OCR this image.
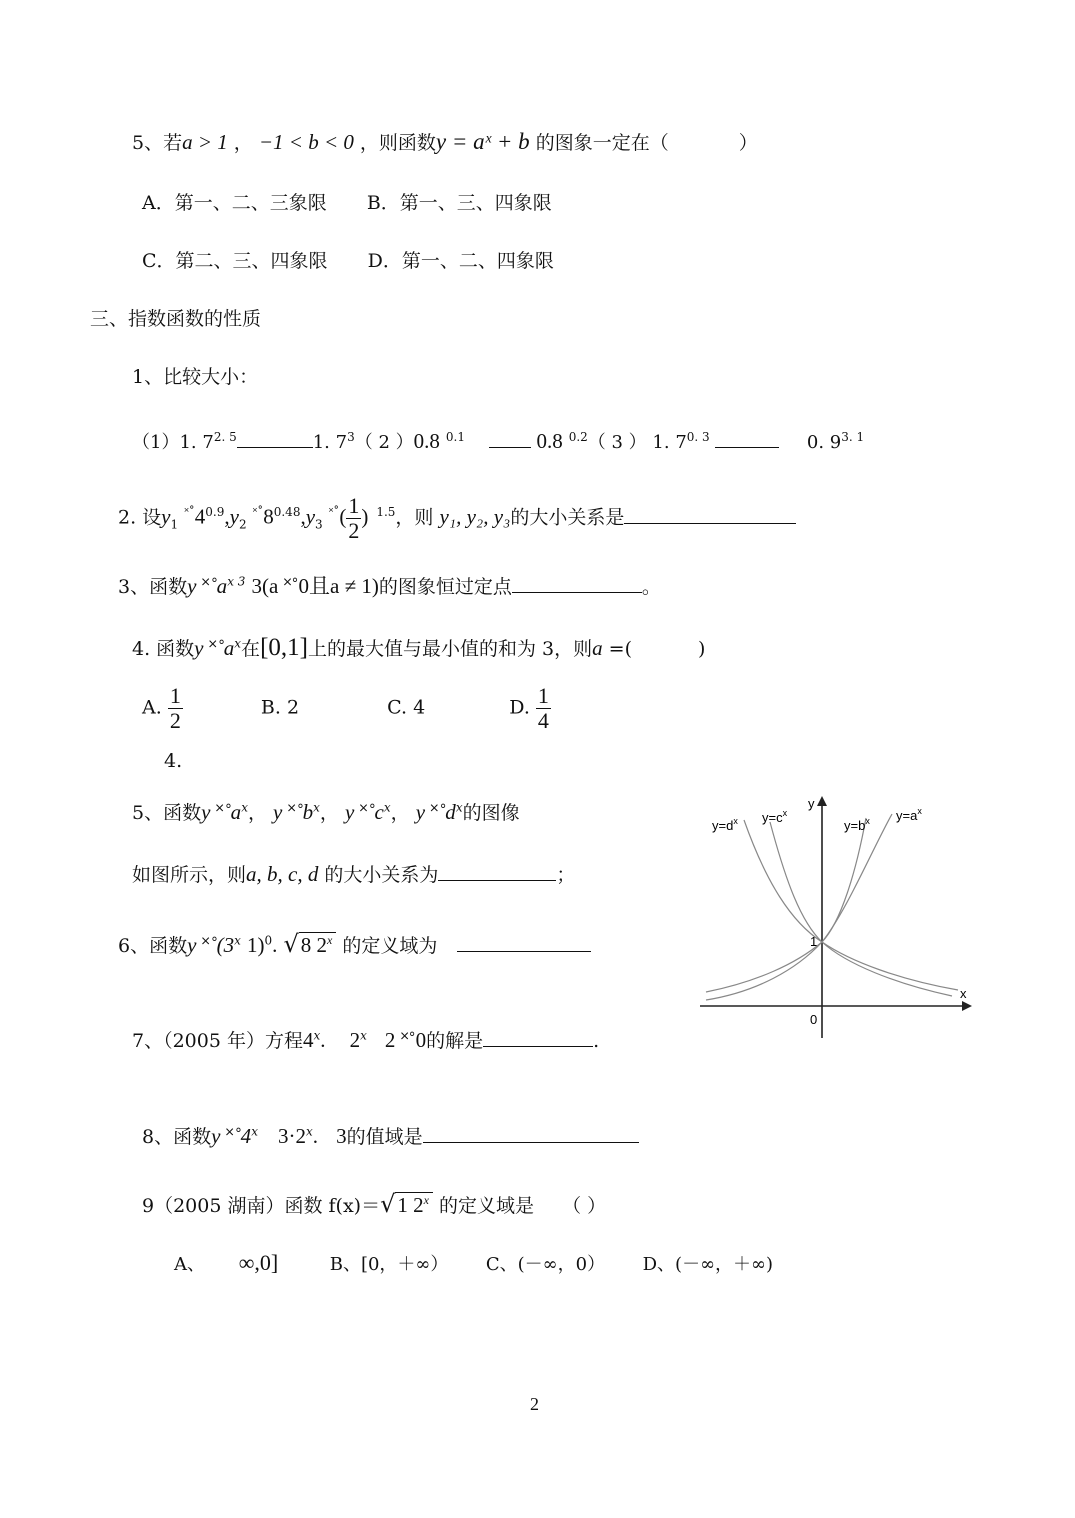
5、若a > 1 ， −1 < b < 0 ，则函数y = aˣ + b 的图象一定在（	）
A．第一、二、三象限 B．第一、三、四象限
C．第二、三、四象限 D．第一、二、四象限
三、指数函数的性质
1、比较大小：
（1）1. $7^{2. 5}$	1. $7^3$（ 2 ）0.8 $^{0.1}$	0.8 $^{0.2}$（ 3 ） 1. $7^{0. 3}$	0. $9^{3. 1}$
2. 设$y_1$ $^{˟˚}4^{0.9},y_2$ $^{˟˚}8^{0.48},y_3$ $^{˟˚}( \frac{1}{2}$ ) $^{1.5}$，则 y₁, y₂, y₃的大小关系是
3、函数y $˟˚a^{x 3}$ 3(a ˟˚0且a ≠ 1)的图象恒过定点	。
4. 函数y $˟˚a^x$在[0,1]上的最大值与最小值的和为 3，则a =(	)
A. $\frac{1}{2}$	B. 2	C. 4	D. $\frac{1}{4}$
4.
5、函数y $˟˚a^x$， y $˟˚b^x$， y $˟˚c^x$， y $˟˚d^x$的图像
如图所示，则a, b, c, d 的大小关系为	；
6、函数y ˟˚(3$^x$ 1)$^0$. √8 2$^x$ 的定义域为
7、（2005 年）方程4$^x$. 2$^x$ 2 ˟˚0的解是	.
8、函数y ˟˚4$^x$ $3\cdot 2^x$. 3的值域是
9（2005 湖南）函数 f(x)＝√1 2$^x$ 的定义域是 （ ）
A、 ∞,0]	B、[0，＋∞） C、(－∞，0） D、(－∞，＋∞)
$y=d^x$ $y=c^x$
$y=b^x$ $y=a^x$
y
x
1
0
2
